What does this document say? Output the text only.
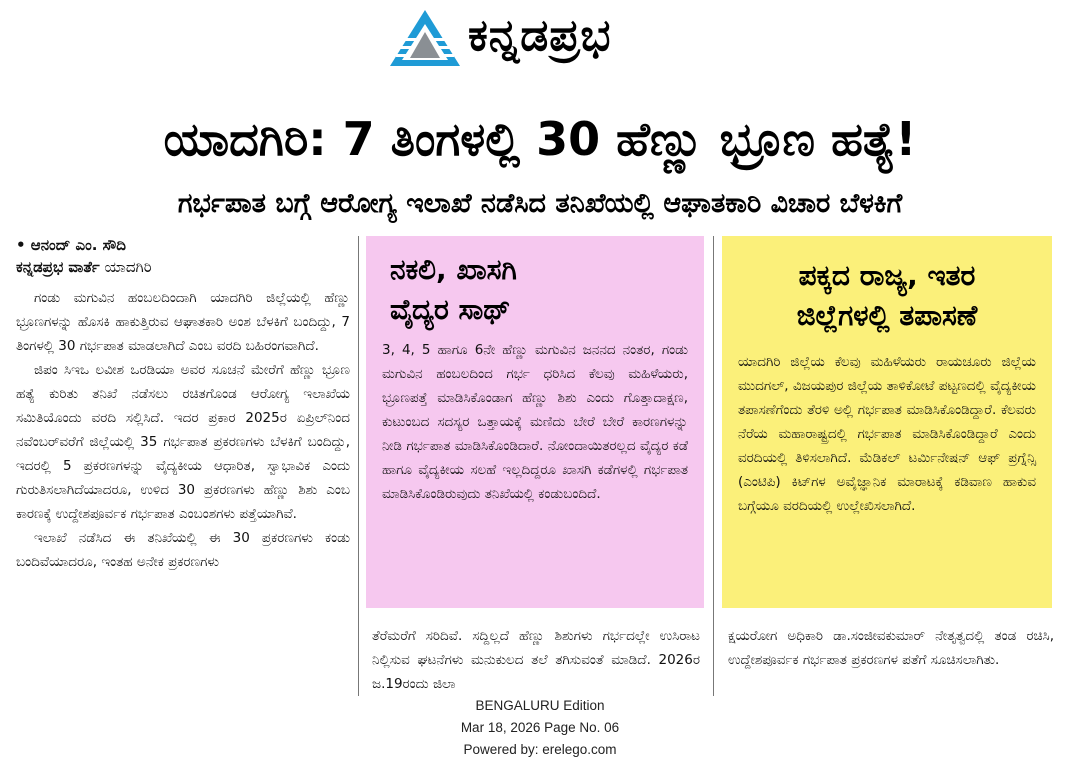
ಕನ್ನಡಪ್ರಭ
ಯಾದಗಿರಿ: 7 ತಿಂಗಳಲ್ಲಿ 30 ಹೆಣ್ಣು ಭ್ರೂಣ ಹತ್ಯೆ!
ಗರ್ಭಪಾತ ಬಗ್ಗೆ ಆರೋಗ್ಯ ಇಲಾಖೆ ನಡೆಸಿದ ತನಿಖೆಯಲ್ಲಿ ಆಘಾತಕಾರಿ ವಿಚಾರ ಬೆಳಕಿಗೆ
• ಆನಂದ್ ಎಂ. ಸೌದಿ
ಕನ್ನಡಪ್ರಭ ವಾರ್ತೆ ಯಾದಗಿರಿ

ಗಂಡು ಮಗುವಿನ ಹಂಬಲದಿಂದಾಗಿ ಯಾದಗಿರಿ ಜಿಲ್ಲೆಯಲ್ಲಿ ಹೆಣ್ಣು ಭ್ರೂಣಗಳನ್ನು ಹೊಸಕಿ ಹಾಕುತ್ತಿರುವ ಆಘಾತಕಾರಿ ಅಂಶ ಬೆಳಕಿಗೆ ಬಂದಿದ್ದು, 7 ತಿಂಗಳಲ್ಲಿ 30 ಗರ್ಭಪಾತ ಮಾಡಲಾಗಿದೆ ಎಂಬ ವರದಿ ಬಹಿರಂಗವಾಗಿದೆ.

ಜಿಪಂ ಸಿಇಒ ಲವೀಶ ಒರಡಿಯಾ ಅವರ ಸೂಚನೆ ಮೇರೆಗೆ ಹೆಣ್ಣು ಭ್ರೂಣ ಹತ್ಯೆ ಕುರಿತು ತನಿಖೆ ನಡೆಸಲು ರಚಿತಗೊಂಡ ಆರೋಗ್ಯ ಇಲಾಖೆಯ ಸಮಿತಿಯೊಂದು ವರದಿ ಸಲ್ಲಿಸಿದೆ. ಇದರ ಪ್ರಕಾರ 2025ರ ಏಪ್ರಿಲ್‌ನಿಂದ ನವೆಂಬರ್‌ವರೆಗೆ ಜಿಲ್ಲೆಯಲ್ಲಿ 35 ಗರ್ಭಪಾತ ಪ್ರಕರಣಗಳು ಬೆಳಕಿಗೆ ಬಂದಿದ್ದು, ಇದರಲ್ಲಿ 5 ಪ್ರಕರಣಗಳನ್ನು ವೈದ್ಯಕೀಯ ಆಧಾರಿತ, ಸ್ವಾಭಾವಿಕ ಎಂದು ಗುರುತಿಸಲಾಗಿದೆಯಾದರೂ, ಉಳಿದ 30 ಪ್ರಕರಣಗಳು ಹೆಣ್ಣು ಶಿಶು ಎಂಬ ಕಾರಣಕ್ಕೆ ಉದ್ದೇಶಪೂರ್ವಕ ಗರ್ಭಪಾತ ಎಂಬಂಶಗಳು ಪತ್ತೆಯಾಗಿವೆ.

ಇಲಾಖೆ ನಡೆಸಿದ ಈ ತನಿಖೆಯಲ್ಲಿ ಈ 30 ಪ್ರಕರಣಗಳು ಕಂಡು ಬಂದಿವೆಯಾದರೂ, ಇಂತಹ ಅನೇಕ ಪ್ರಕರಣಗಳು

ನಕಲಿ, ಖಾಸಗಿ
ವೈದ್ಯರ ಸಾಥ್

3, 4, 5 ಹಾಗೂ 6ನೇ ಹೆಣ್ಣು ಮಗುವಿನ ಜನನದ ನಂತರ, ಗಂಡು ಮಗುವಿನ ಹಂಬಲದಿಂದ ಗರ್ಭ ಧರಿಸಿದ ಕೆಲವು ಮಹಿಳೆಯರು, ಭ್ರೂಣಪತ್ತೆ ಮಾಡಿಸಿಕೊಂಡಾಗ ಹೆಣ್ಣು ಶಿಶು ಎಂದು ಗೊತ್ತಾದಾಕ್ಷಣ, ಕುಟುಂಬದ ಸದಸ್ಯರ ಒತ್ತಾಯಕ್ಕೆ ಮಣಿದು ಬೇರೆ ಬೇರೆ ಕಾರಣಗಳನ್ನು ನೀಡಿ ಗರ್ಭಪಾತ ಮಾಡಿಸಿಕೊಂಡಿದಾರೆ. ನೋಂದಾಯಿತರಲ್ಲದ ವೈದ್ಯರ ಕಡೆ ಹಾಗೂ ವೈದ್ಯಕೀಯ ಸಲಹೆ ಇಲ್ಲದಿದ್ದರೂ ಖಾಸಗಿ ಕಡೆಗಳಲ್ಲಿ ಗರ್ಭಪಾತ ಮಾಡಿಸಿಕೊಂಡಿರುವುದು ತನಿಖೆಯಲ್ಲಿ ಕಂಡುಬಂದಿದೆ.

ಪಕ್ಕದ ರಾಜ್ಯ, ಇತರ
ಜಿಲ್ಲೆಗಳಲ್ಲಿ ತಪಾಸಣೆ

ಯಾದಗಿರಿ ಜಿಲ್ಲೆಯ ಕೆಲವು ಮಹಿಳೆಯರು ರಾಯಚೂರು ಜಿಲ್ಲೆಯ ಮುದಗಲ್, ವಿಜಯಪುರ ಜಿಲ್ಲೆಯ ತಾಳಿಕೋಟೆ ಪಟ್ಟಣದಲ್ಲಿ ವೈದ್ಯಕೀಯ ತಪಾಸಣೆಗೆಂದು ತೆರಳಿ ಅಲ್ಲಿ ಗರ್ಭಪಾತ ಮಾಡಿಸಿಕೊಂಡಿದ್ದಾರೆ. ಕೆಲವರು ನೆರೆಯ ಮಹಾರಾಷ್ಟ್ರದಲ್ಲಿ ಗರ್ಭಪಾತ ಮಾಡಿಸಿಕೊಂಡಿದ್ದಾರೆ ಎಂದು ವರದಿಯಲ್ಲಿ ತಿಳಿಸಲಾಗಿದೆ. ಮೆಡಿಕಲ್ ಟರ್ಮಿನೇಷನ್ ಆಫ್ ಪ್ರಗ್ನೆನ್ಸಿ (ಎಂಟಿಪಿ) ಕಿಟ್‌ಗಳ ಅವೈಜ್ಞಾನಿಕ ಮಾರಾಟಕ್ಕೆ ಕಡಿವಾಣ ಹಾಕುವ ಬಗ್ಗೆಯೂ ವರದಿಯಲ್ಲಿ ಉಲ್ಲೇಖಿಸಲಾಗಿದೆ.

ತೆರೆಮರೆಗೆ ಸರಿದಿವೆ. ಸದ್ದಿಲ್ಲದೆ ಹೆಣ್ಣು ಶಿಶುಗಳು ಗರ್ಭದಲ್ಲೇ ಉಸಿರಾಟ ನಿಲ್ಲಿಸುವ ಘಟನೆಗಳು ಮನುಕುಲದ ತಲೆ ತಗಿಸುವಂತೆ ಮಾಡಿದೆ. 2026ರ ಜ.19ರಂದು ಜಿಲಾ
ಕ್ಷಯರೋಗ ಅಧಿಕಾರಿ ಡಾ.ಸಂಜೀವಕುಮಾರ್ ನೇತೃತ್ವದಲ್ಲಿ ತಂಡ ರಚಿಸಿ, ಉದ್ದೇಶಪೂರ್ವಕ ಗರ್ಭಪಾತ ಪ್ರಕರಣಗಳ ಪತೆಗೆ ಸೂಚಿಸಲಾಗಿತು.
BENGALURU Edition
Mar 18, 2026 Page No. 06
Powered by: erelego.com
